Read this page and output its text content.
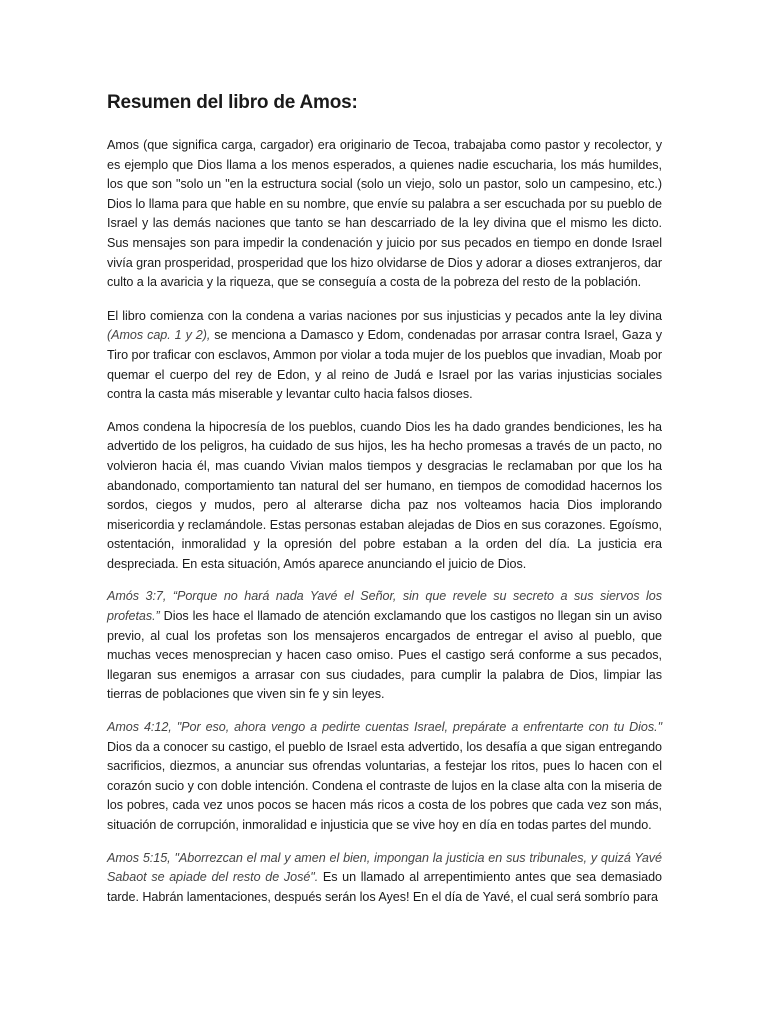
Resumen del libro de Amos:

Amos (que significa carga, cargador) era originario de Tecoa, trabajaba como pastor y recolector, y es ejemplo que Dios llama a los menos esperados, a quienes nadie escucharia, los más humildes, los que son "solo un "en la estructura social (solo un viejo, solo un pastor, solo un campesino, etc.) Dios lo llama para que hable en su nombre, que envíe su palabra a ser escuchada por su pueblo de Israel y las demás naciones que tanto se han descarriado de la ley divina que el mismo les dicto. Sus mensajes son para impedir la condenación y juicio por sus pecados en tiempo en donde Israel vivía gran prosperidad, prosperidad que los hizo olvidarse de Dios y adorar a dioses extranjeros, dar culto a la avaricia y la riqueza, que se conseguía a costa de la pobreza del resto de la población.

El libro comienza con la condena a varias naciones por sus injusticias y pecados ante la ley divina (Amos cap. 1 y 2), se menciona a Damasco y Edom, condenadas por arrasar contra Israel, Gaza y Tiro por traficar con esclavos, Ammon por violar a toda mujer de los pueblos que invadian, Moab por quemar el cuerpo del rey de Edon, y al reino de Judá e Israel por las varias injusticias sociales contra la casta más miserable y levantar culto hacia falsos dioses.

Amos condena la hipocresía de los pueblos, cuando Dios les ha dado grandes bendiciones, les ha advertido de los peligros, ha cuidado de sus hijos, les ha hecho promesas a través de un pacto, no volvieron hacia él, mas cuando Vivian malos tiempos y desgracias le reclamaban por que los ha abandonado, comportamiento tan natural del ser humano, en tiempos de comodidad hacernos los sordos, ciegos y mudos, pero al alterarse dicha paz nos volteamos hacia Dios implorando misericordia y reclamándole. Estas personas estaban alejadas de Dios en sus corazones. Egoísmo, ostentación, inmoralidad y la opresión del pobre estaban a la orden del día. La justicia era despreciada. En esta situación, Amós aparece anunciando el juicio de Dios.

Amós 3:7, “Porque no hará nada Yavé el Señor, sin que revele su secreto a sus siervos los profetas.” Dios les hace el llamado de atención exclamando que los castigos no llegan sin un aviso previo, al cual los profetas son los mensajeros encargados de entregar el aviso al pueblo, que muchas veces menosprecian y hacen caso omiso. Pues el castigo será conforme a sus pecados, llegaran sus enemigos a arrasar con sus ciudades, para cumplir la palabra de Dios, limpiar las tierras de poblaciones que viven sin fe y sin leyes.

Amos 4:12, "Por eso, ahora vengo a pedirte cuentas Israel, prepárate a enfrentarte con tu Dios." Dios da a conocer su castigo, el pueblo de Israel esta advertido, los desafía a que sigan entregando sacrificios, diezmos, a anunciar sus ofrendas voluntarias, a festejar los ritos, pues lo hacen con el corazón sucio y con doble intención. Condena el contraste de lujos en la clase alta con la miseria de los pobres, cada vez unos pocos se hacen más ricos a costa de los pobres que cada vez son más, situación de corrupción, inmoralidad e injusticia que se vive hoy en día en todas partes del mundo.

Amos 5:15, "Aborrezcan el mal y amen el bien, impongan la justicia en sus tribunales, y quizá Yavé Sabaot se apiade del resto de José". Es un llamado al arrepentimiento antes que sea demasiado tarde. Habrán lamentaciones, después serán los Ayes! En el día de Yavé, el cual será sombrío para
